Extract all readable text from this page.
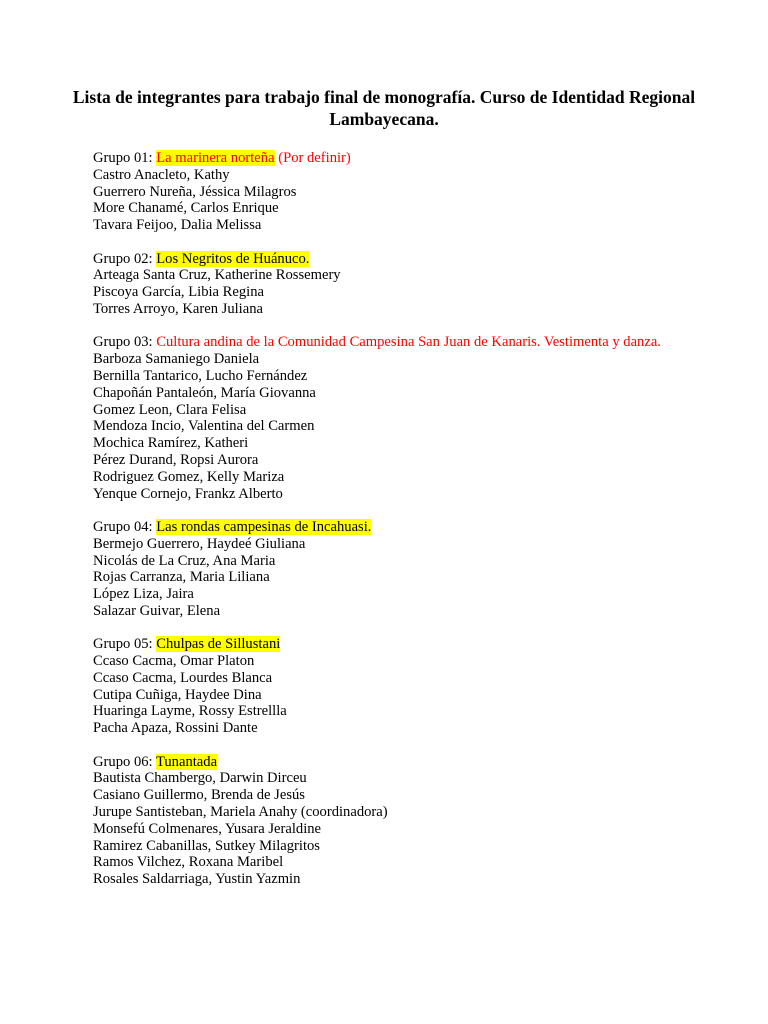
Lista de integrantes para trabajo final de monografía. Curso de Identidad Regional Lambayecana.

Grupo 01: La marinera norteña (Por definir)

Castro Anacleto, Kathy

Guerrero Nureña, Jéssica Milagros

More Chanamé, Carlos Enrique

Tavara Feijoo, Dalia Melissa

Grupo 02: Los Negritos de Huánuco.

Arteaga Santa Cruz, Katherine Rossemery

Piscoya García, Libia Regina

Torres Arroyo, Karen Juliana

Grupo 03: Cultura andina de la Comunidad Campesina San Juan de Kanaris. Vestimenta y danza.

Barboza Samaniego Daniela

Bernilla Tantarico, Lucho Fernández

Chapoñán Pantaleón, María Giovanna

Gomez Leon, Clara Felisa

Mendoza Incio, Valentina del Carmen

Mochica Ramírez, Katheri

Pérez Durand, Ropsi Aurora

Rodriguez Gomez, Kelly Mariza

Yenque Cornejo, Frankz Alberto

Grupo 04: Las rondas campesinas de Incahuasi.

Bermejo Guerrero, Haydeé Giuliana

Nicolás de La Cruz, Ana Maria

Rojas Carranza, Maria Liliana

López Liza, Jaira

Salazar Guivar, Elena

Grupo 05: Chulpas de Sillustani

Ccaso Cacma, Omar Platon

Ccaso Cacma, Lourdes Blanca

Cutipa Cuñiga, Haydee Dina

Huaringa Layme, Rossy Estrellla

Pacha Apaza, Rossini Dante

Grupo 06: Tunantada

Bautista Chambergo, Darwin Dirceu

Casiano Guillermo, Brenda de Jesús

Jurupe Santisteban, Mariela Anahy (coordinadora)

Monsefú Colmenares, Yusara Jeraldine

Ramirez Cabanillas, Sutkey Milagritos

Ramos Vilchez, Roxana Maribel

Rosales Saldarriaga, Yustin Yazmin
